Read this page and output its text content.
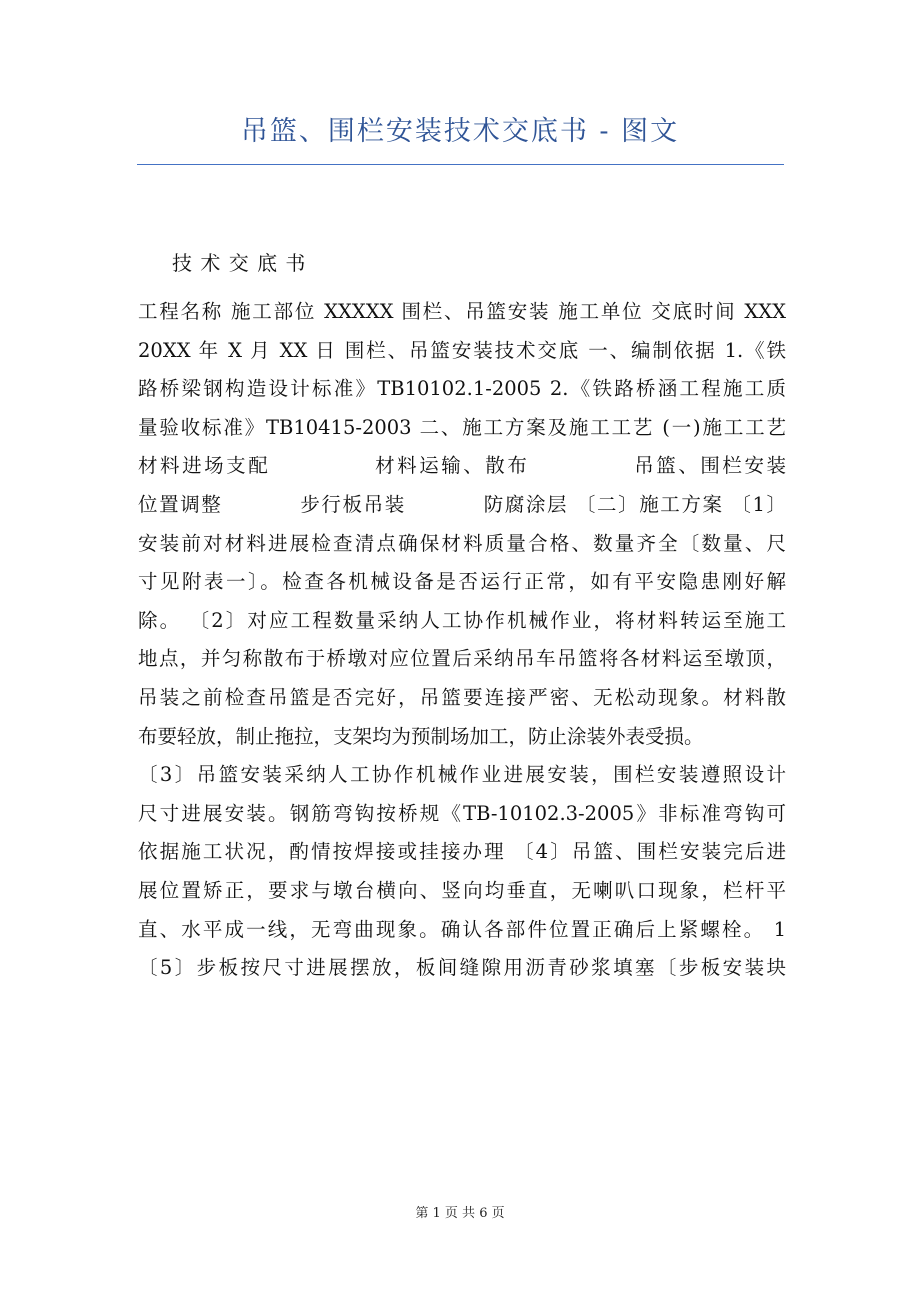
吊篮、围栏安装技术交底书 - 图文
技 术 交 底 书
工程名称 施工部位 XXXXX 围栏、吊篮安装 施工单位 交底时间 XXX
20XX 年 X 月 XX 日 围栏、吊篮安装技术交底 一、编制依据 1.《铁
路桥梁钢构造设计标准》TB10102.1-2005 2.《铁路桥涵工程施工质
量验收标准》TB10415-2003 二、施工方案及施工工艺 (一)施工工艺
材料进场支配            材料运输、散布            吊篮、围栏安装
位置调整          步行板吊装          防腐涂层 〔二〕施工方案 〔1〕
安装前对材料进展检查清点确保材料质量合格、数量齐全〔数量、尺
寸见附表一〕。检查各机械设备是否运行正常，如有平安隐患刚好解
除。 〔2〕对应工程数量采纳人工协作机械作业，将材料转运至施工
地点，并匀称散布于桥墩对应位置后采纳吊车吊篮将各材料运至墩顶，
吊装之前检查吊篮是否完好，吊篮要连接严密、无松动现象。材料散
布要轻放，制止拖拉，支架均为预制场加工，防止涂装外表受损。
〔3〕吊篮安装采纳人工协作机械作业进展安装，围栏安装遵照设计
尺寸进展安装。钢筋弯钩按桥规《TB-10102.3-2005》非标准弯钩可
依据施工状况，酌情按焊接或挂接办理 〔4〕吊篮、围栏安装完后进
展位置矫正，要求与墩台横向、竖向均垂直，无喇叭口现象，栏杆平
直、水平成一线，无弯曲现象。确认各部件位置正确后上紧螺栓。 1
〔5〕步板按尺寸进展摆放，板间缝隙用沥青砂浆填塞〔步板安装块
第 1 页 共 6 页
